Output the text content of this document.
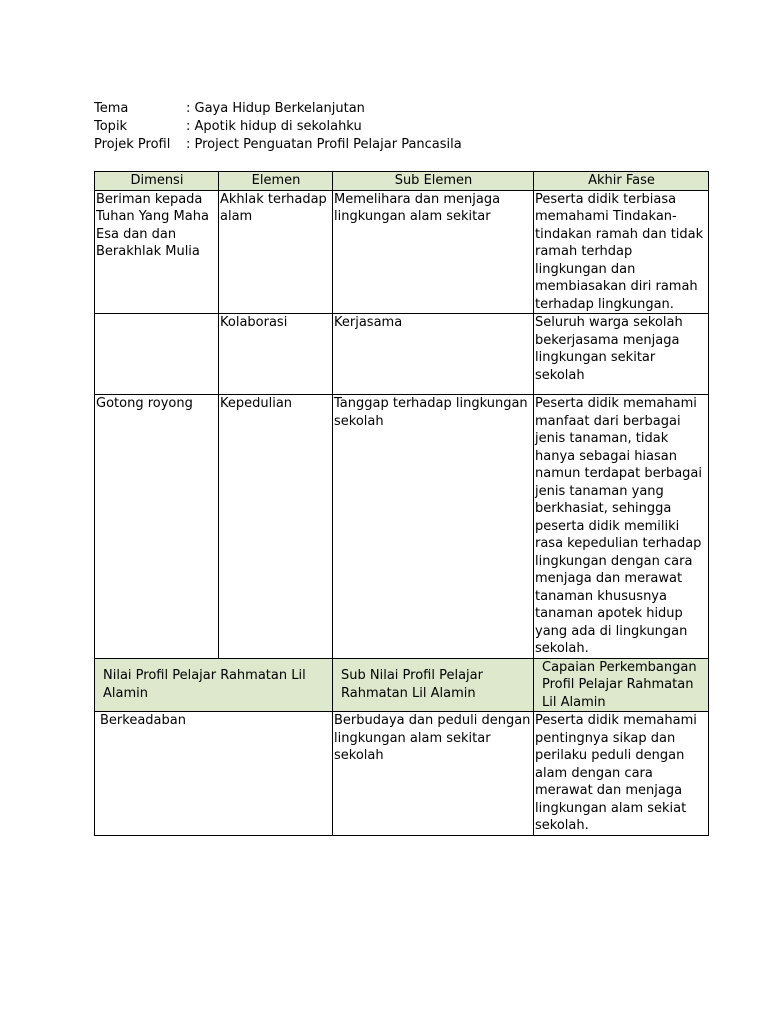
Tema	: Gaya Hidup Berkelanjutan
Topik	: Apotik hidup di sekolahku
Projek Profil	: Project Penguatan Profil Pelajar Pancasila
Dimensi	Elemen	Sub Elemen	Akhir Fase
Beriman kepada Tuhan Yang Maha Esa dan dan Berakhlak Mulia	Akhlak terhadap alam	Memelihara dan menjaga lingkungan alam sekitar	Peserta didik terbiasa memahami Tindakan-tindakan ramah dan tidak ramah terhdap lingkungan dan membiasakan diri ramah terhadap lingkungan.
	Kolaborasi	Kerjasama	Seluruh warga sekolah bekerjasama menjaga lingkungan sekitar sekolah
Gotong royong	Kepedulian	Tanggap terhadap lingkungan sekolah	Peserta didik memahami manfaat dari berbagai jenis tanaman, tidak hanya sebagai hiasan namun terdapat berbagai jenis tanaman yang berkhasiat, sehingga peserta didik memiliki rasa kepedulian terhadap lingkungan dengan cara menjaga dan merawat tanaman khususnya tanaman apotek hidup yang ada di lingkungan sekolah.
Nilai Profil Pelajar Rahmatan Lil Alamin		Sub Nilai Profil Pelajar Rahmatan Lil Alamin	Capaian Perkembangan Profil Pelajar Rahmatan Lil Alamin
Berkeadaban		Berbudaya dan peduli dengan lingkungan alam sekitar sekolah	Peserta didik memahami pentingnya sikap dan perilaku peduli dengan alam dengan cara merawat dan menjaga lingkungan alam sekiat sekolah.
